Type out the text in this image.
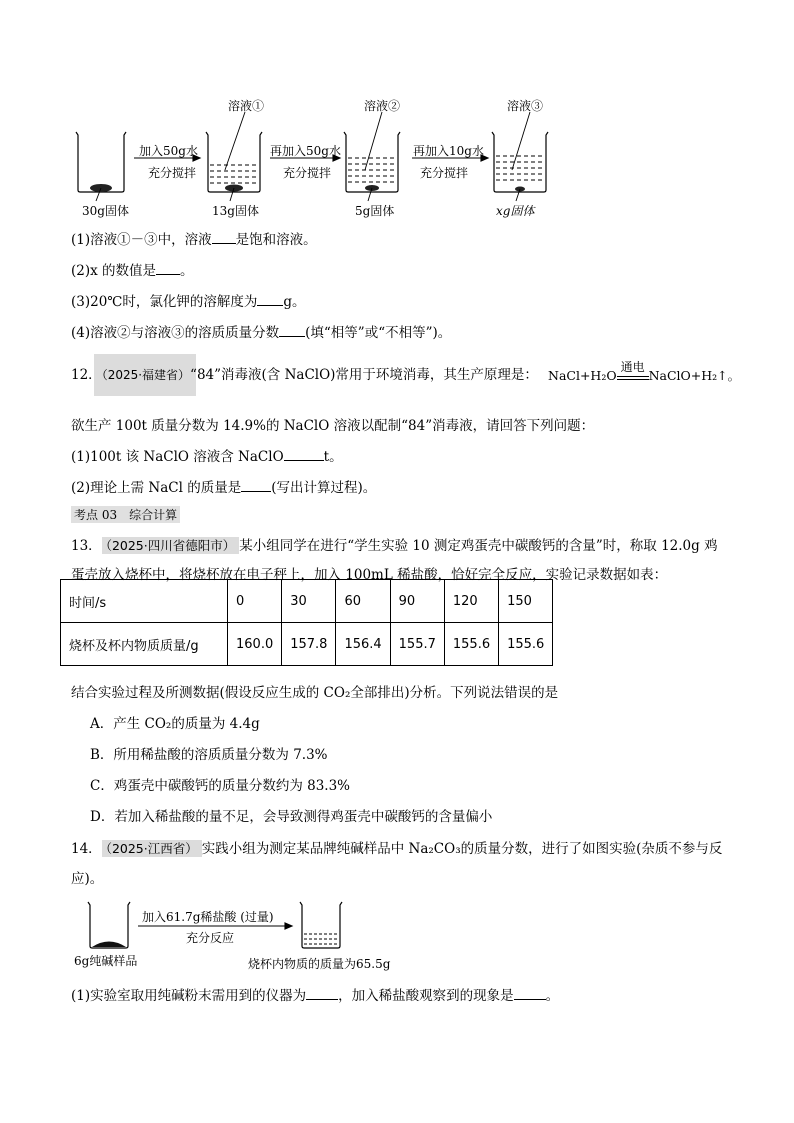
溶液①	溶液②	溶液③
加入50g水
充分搅拌
再加入50g水
充分搅拌
再加入10g水
充分搅拌
30g固体	13g固体	5g固体	xg固体
(1)溶液①－③中，溶液 是饱和溶液。
(2)x 的数值是 。
(3)20℃时，氯化钾的溶解度为 g。
(4)溶液②与溶液③的溶质质量分数 (填“相等”或“不相等”)。
12．（2025·福建省）“84”消毒液(含 NaClO)常用于环境消毒，其生产原理是： NaCl+H₂O
通电
NaClO+H₂↑。
欲生产 100t 质量分数为 14.9%的 NaClO 溶液以配制“84”消毒液，请回答下列问题：
(1)100t 该 NaClO 溶液含 NaClO	t。
(2)理论上需 NaCl 的质量是 (写出计算过程)。
考点 03　综合计算
13． （2025·四川省德阳市） 某小组同学在进行“学生实验 10 测定鸡蛋壳中碳酸钙的含量”时，称取 12.0g 鸡
蛋壳放入烧杯中，将烧杯放在电子秤上，加入 100mL 稀盐酸，恰好完全反应，实验记录数据如表：
时间/s	0	30	60	90	120	150
烧杯及杯内物质质量/g	160.0	157.8	156.4	155.7	155.6	155.6
结合实验过程及所测数据(假设反应生成的 CO₂全部排出)分析。下列说法错误的是
A．产生 CO₂的质量为 4.4g
B．所用稀盐酸的溶质质量分数为 7.3%
C．鸡蛋壳中碳酸钙的质量分数约为 83.3%
D．若加入稀盐酸的量不足，会导致测得鸡蛋壳中碳酸钙的含量偏小
14． （2025·江西省） 实践小组为测定某品牌纯碱样品中 Na₂CO₃的质量分数，进行了如图实验(杂质不参与反
应)。
加入61.7g稀盐酸 (过量)
充分反应
6g纯碱样品	烧杯内物质的质量为65.5g
(1)实验室取用纯碱粉末需用到的仪器为 ，加入稀盐酸观察到的现象是 。
